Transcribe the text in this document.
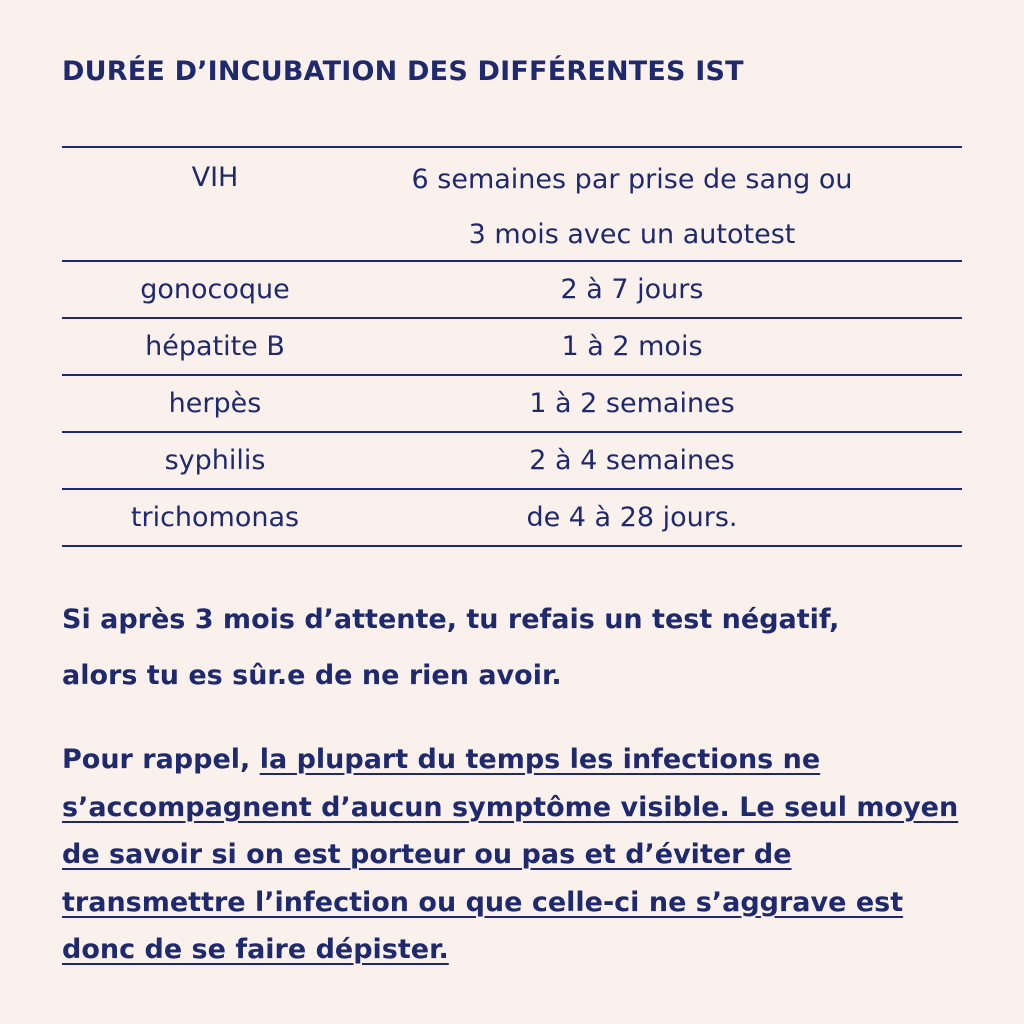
DURÉE D’INCUBATION DES DIFFÉRENTES IST
VIH	6 semaines par prise de sang ou
3 mois avec un autotest
gonocoque	2 à 7 jours
hépatite B	1 à 2 mois
herpès	1 à 2 semaines
syphilis	2 à 4 semaines
trichomonas	de 4 à 28 jours.

Si après 3 mois d’attente, tu refais un test négatif,
alors tu es sûr.e de ne rien avoir.

Pour rappel, la plupart du temps les infections ne s’accompagnent d’aucun symptôme visible. Le seul moyen de savoir si on est porteur ou pas et d’éviter de transmettre l’infection ou que celle-ci ne s’aggrave est donc de se faire dépister.
